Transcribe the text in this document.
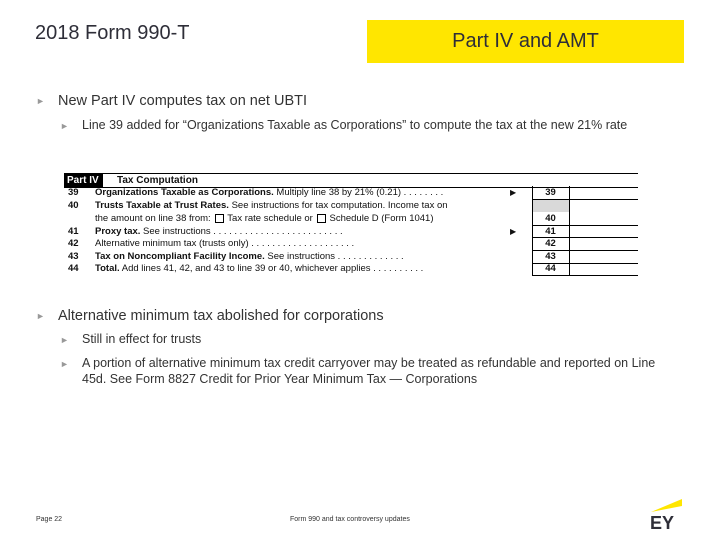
2018 Form 990-T	Part IV and AMT
► New Part IV computes tax on net UBTI
►	Line 39 added for “Organizations Taxable as Corporations” to compute the tax at the new 21% rate
Part IV	Tax Computation
39 Organizations Taxable as Corporations. Multiply line 38 by 21% (0.21) . . . . . . . .	▶	39
40 Trusts Taxable at Trust Rates. See instructions for tax computation. Income tax on
the amount on line 38 from: Tax rate schedule or Schedule D (Form 1041)	40
41 Proxy tax. See instructions . . . . . . . . . . . . . . . . . . . . . . . . .	▶	41
42 Alternative minimum tax (trusts only) . . . . . . . . . . . . . . . . . . . .	42
43 Tax on Noncompliant Facility Income. See instructions . . . . . . . . . . . . .	43
44 Total. Add lines 41, 42, and 43 to line 39 or 40, whichever applies . . . . . . . . . .	44
► Alternative minimum tax abolished for corporations
►	Still in effect for trusts
►	A portion of alternative minimum tax credit carryover may be treated as refundable and reported on Line 45d. See Form 8827 Credit for Prior Year Minimum Tax — Corporations
Page 22	Form 990 and tax controversy updates	EY
